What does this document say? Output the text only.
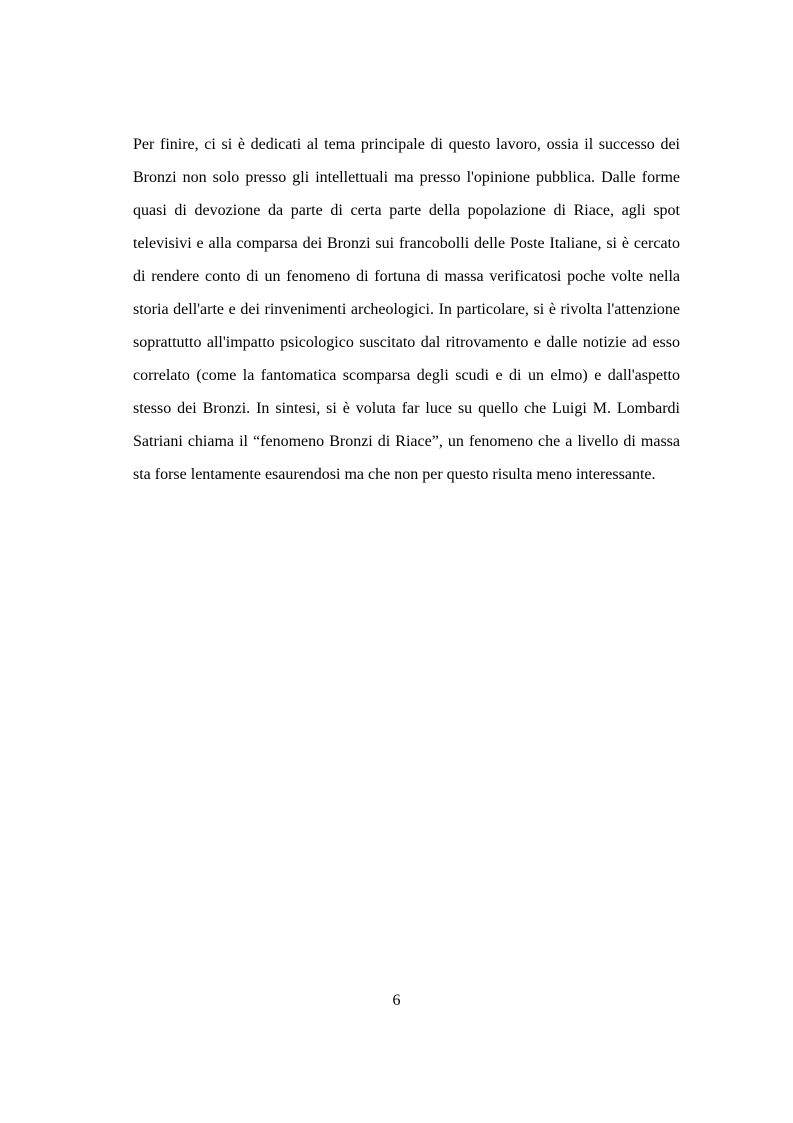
Per finire, ci si è dedicati al tema principale di questo lavoro, ossia il successo dei Bronzi non solo presso gli intellettuali ma presso l'opinione pubblica. Dalle forme quasi di devozione da parte di certa parte della popolazione di Riace, agli spot televisivi e alla comparsa dei Bronzi sui francobolli delle Poste Italiane, si è cercato di rendere conto di un fenomeno di fortuna di massa verificatosi poche volte nella storia dell'arte e dei rinvenimenti archeologici. In particolare, si è rivolta l'attenzione soprattutto all'impatto psicologico suscitato dal ritrovamento e dalle notizie ad esso correlato (come la fantomatica scomparsa degli scudi e di un elmo) e dall'aspetto stesso dei Bronzi. In sintesi, si è voluta far luce su quello che Luigi M. Lombardi Satriani chiama il “fenomeno Bronzi di Riace”, un fenomeno che a livello di massa sta forse lentamente esaurendosi ma che non per questo risulta meno interessante.

6
